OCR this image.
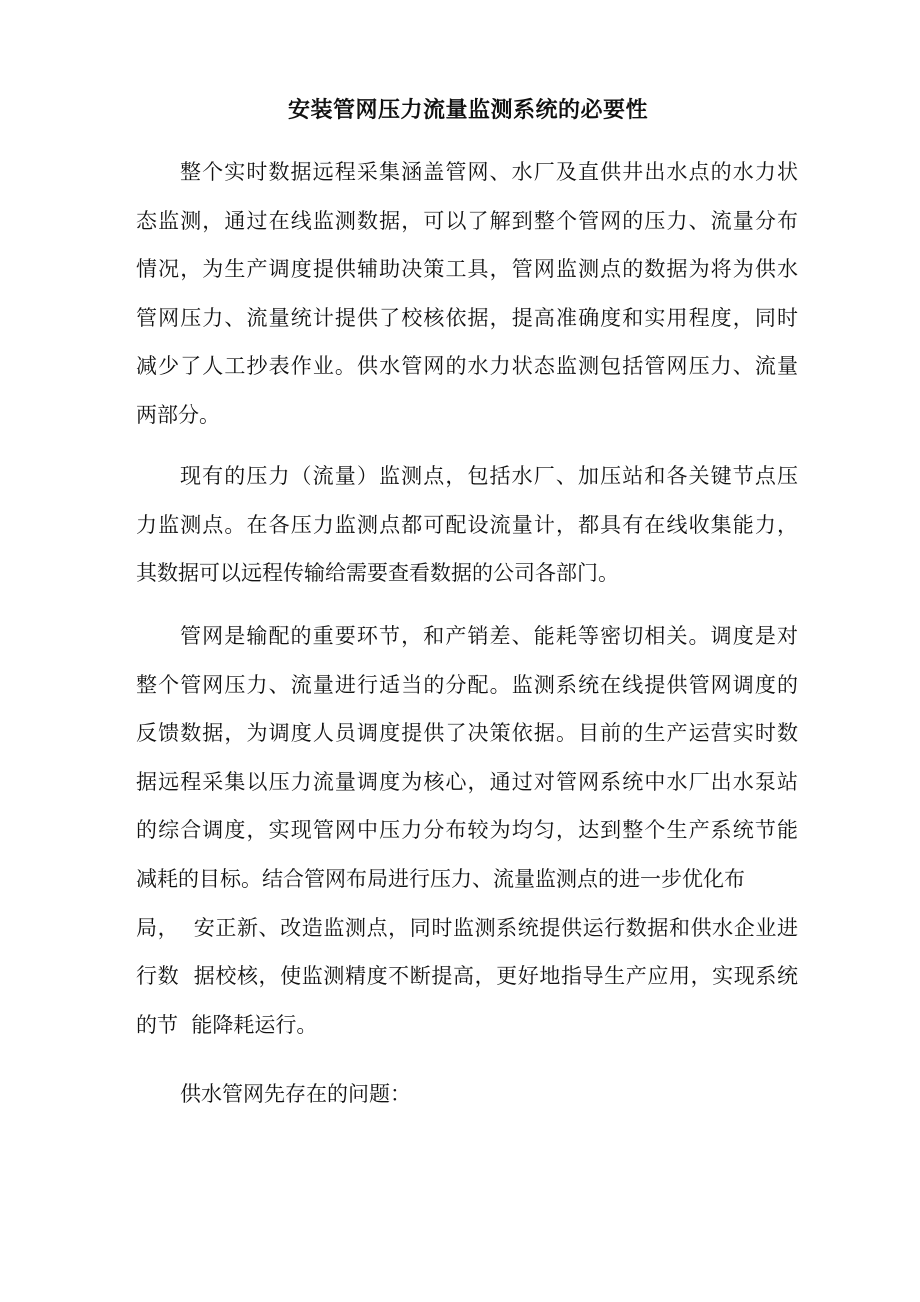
安装管网压力流量监测系统的必要性
整个实时数据远程采集涵盖管网、水厂及直供井出水点的水力状
态监测，通过在线监测数据，可以了解到整个管网的压力、流量分布
情况，为生产调度提供辅助决策工具，管网监测点的数据为将为供水
管网压力、流量统计提供了校核依据，提高准确度和实用程度，同时
减少了人工抄表作业。供水管网的水力状态监测包括管网压力、流量
两部分。
现有的压力（流量）监测点，包括水厂、加压站和各关键节点压
力监测点。在各压力监测点都可配设流量计，都具有在线收集能力，
其数据可以远程传输给需要查看数据的公司各部门。
管网是输配的重要环节，和产销差、能耗等密切相关。调度是对
整个管网压力、流量进行适当的分配。监测系统在线提供管网调度的
反馈数据，为调度人员调度提供了决策依据。目前的生产运营实时数
据远程采集以压力流量调度为核心，通过对管网系统中水厂出水泵站
的综合调度，实现管网中压力分布较为均匀，达到整个生产系统节能
减耗的目标。结合管网布局进行压力、流量监测点的进一步优化布
局，  安正新、改造监测点，同时监测系统提供运行数据和供水企业进
行数  据校核，使监测精度不断提高，更好地指导生产应用，实现系统
的节  能降耗运行。
供水管网先存在的问题：
